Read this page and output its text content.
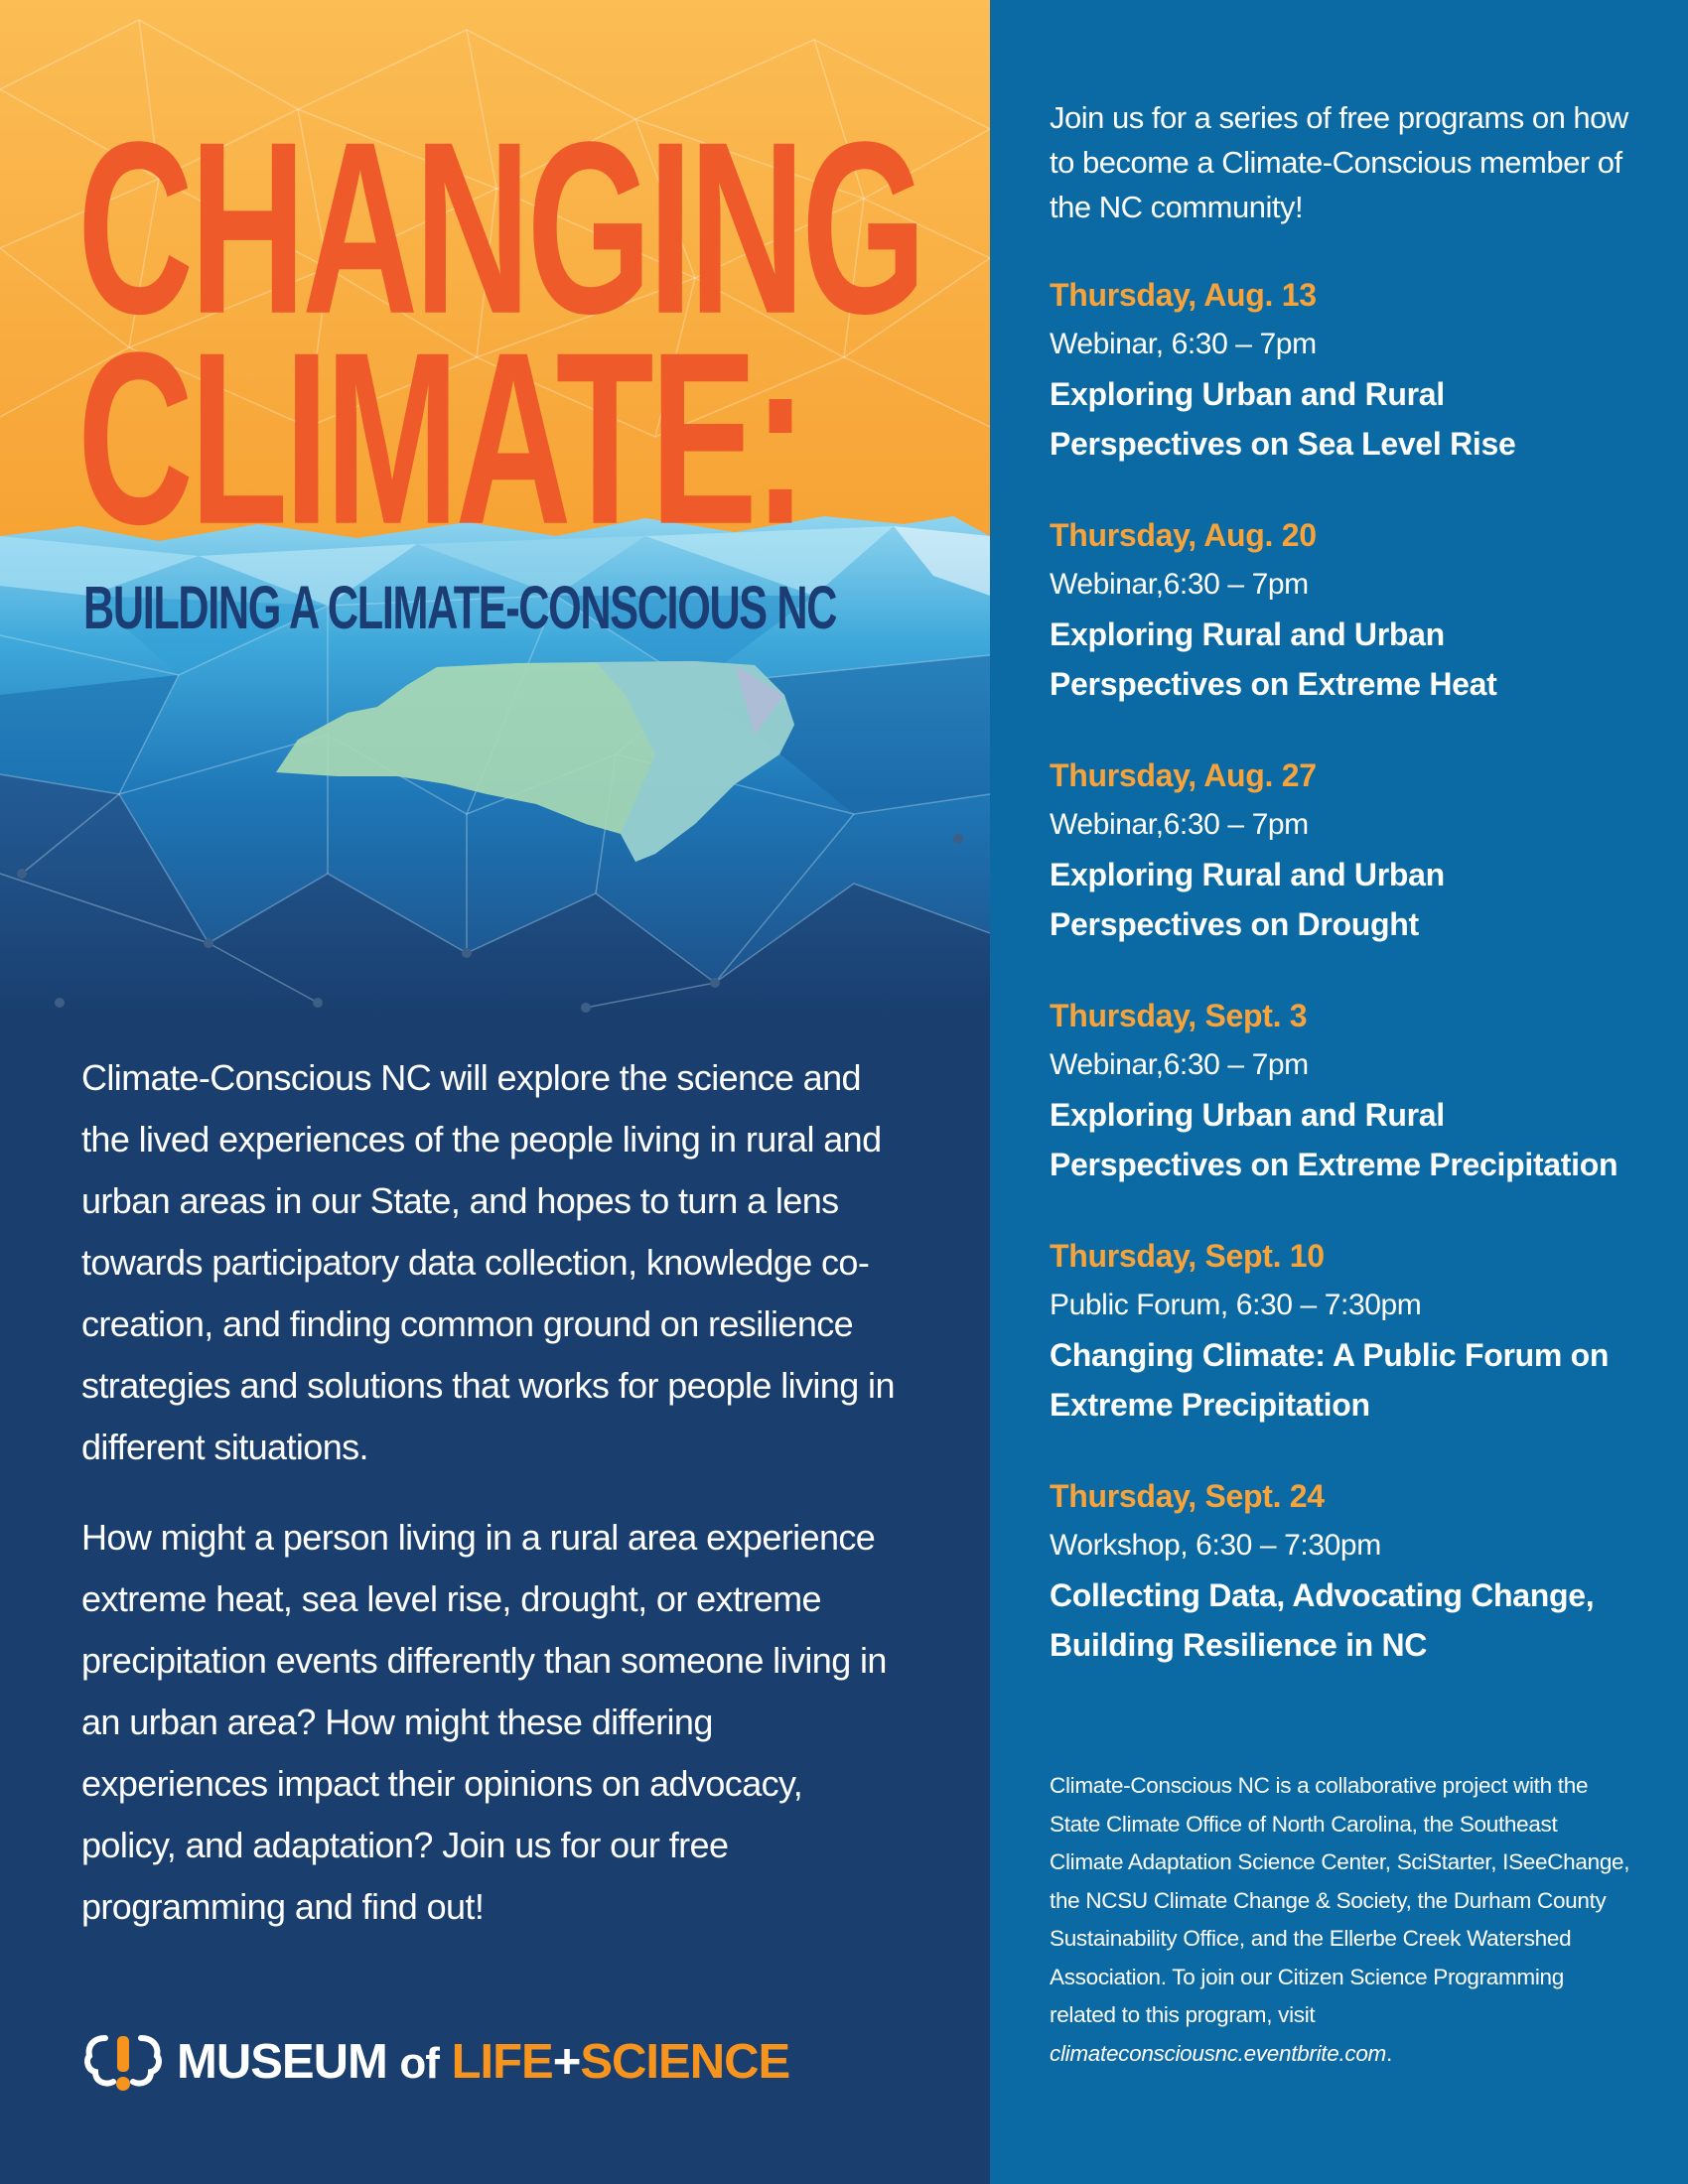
CHANGING
CLIMATE:
BUILDING A CLIMATE-CONSCIOUS NC

Climate-Conscious NC will explore the science and the lived experiences of the people living in rural and urban areas in our State, and hopes to turn a lens towards participatory data collection, knowledge co-creation, and finding common ground on resilience strategies and solutions that works for people living in different situations.

How might a person living in a rural area experience extreme heat, sea level rise, drought, or extreme precipitation events differently than someone living in an urban area? How might these differing experiences impact their opinions on advocacy, policy, and adaptation? Join us for our free programming and find out!

MUSEUM of LIFE+SCIENCE

Join us for a series of free programs on how to become a Climate-Conscious member of the NC community!

Thursday, Aug. 13
Webinar, 6:30 – 7pm
Exploring Urban and Rural Perspectives on Sea Level Rise
Thursday, Aug. 20
Webinar,6:30 – 7pm
Exploring Rural and Urban Perspectives on Extreme Heat
Thursday, Aug. 27
Webinar,6:30 – 7pm
Exploring Rural and Urban Perspectives on Drought
Thursday, Sept. 3
Webinar,6:30 – 7pm
Exploring Urban and Rural Perspectives on Extreme Precipitation
Thursday, Sept. 10
Public Forum, 6:30 – 7:30pm
Changing Climate: A Public Forum on Extreme Precipitation
Thursday, Sept. 24
Workshop, 6:30 – 7:30pm
Collecting Data, Advocating Change, Building Resilience in NC

Climate-Conscious NC is a collaborative project with the State Climate Office of North Carolina, the Southeast Climate Adaptation Science Center, SciStarter, ISeeChange, the NCSU Climate Change & Society, the Durham County Sustainability Office, and the Ellerbe Creek Watershed Association. To join our Citizen Science Programming related to this program, visit climateconsciousnc.eventbrite.com.
